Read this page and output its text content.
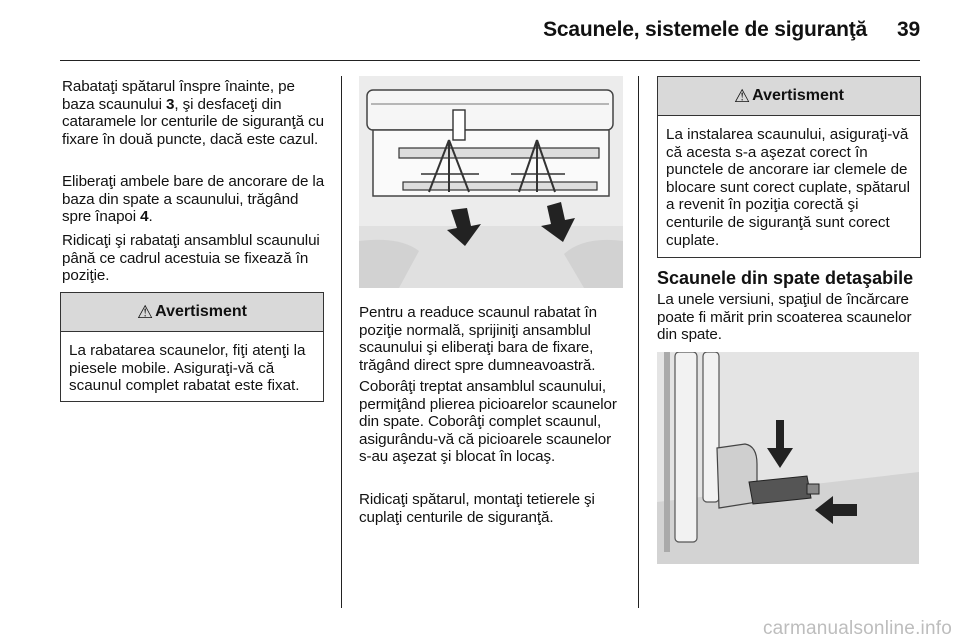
Scaunele, sistemele de siguranţă 39

Rabataţi spătarul înspre înainte, pe baza scaunului 3, şi desfaceţi din cataramele lor centurile de siguranţă cu fixare în două puncte, dacă este cazul.

Eliberaţi ambele bare de ancorare de la baza din spate a scaunului, trăgând spre înapoi 4.

Ridicaţi şi rabataţi ansamblul scaunului până ce cadrul acestuia se fixează în poziţie.

⚠ Avertisment
La rabatarea scaunelor, fiţi atenţi la piesele mobile. Asiguraţi-vă că scaunul complet rabatat este fixat.

Pentru a readuce scaunul rabatat în poziţie normală, sprijiniţi ansamblul scaunului şi eliberaţi bara de fixare, trăgând direct spre dumneavoastră.

Coborâţi treptat ansamblul scaunului, permiţând plierea picioarelor scaunelor din spate. Coborâţi complet scaunul, asigurându-vă că picioarele scaunelor s-au aşezat şi blocat în locaş.

Ridicaţi spătarul, montaţi tetierele şi cuplaţi centurile de siguranţă.

⚠ Avertisment
La instalarea scaunului, asiguraţi-vă că acesta s-a aşezat corect în punctele de ancorare iar clemele de blocare sunt corect cuplate, spătarul a revenit în poziţia corectă şi centurile de siguranţă sunt corect cuplate.
Scaunele din spate detaşabile

La unele versiuni, spaţiul de încărcare poate fi mărit prin scoaterea scaunelor din spate.

carmanualsonline.info
